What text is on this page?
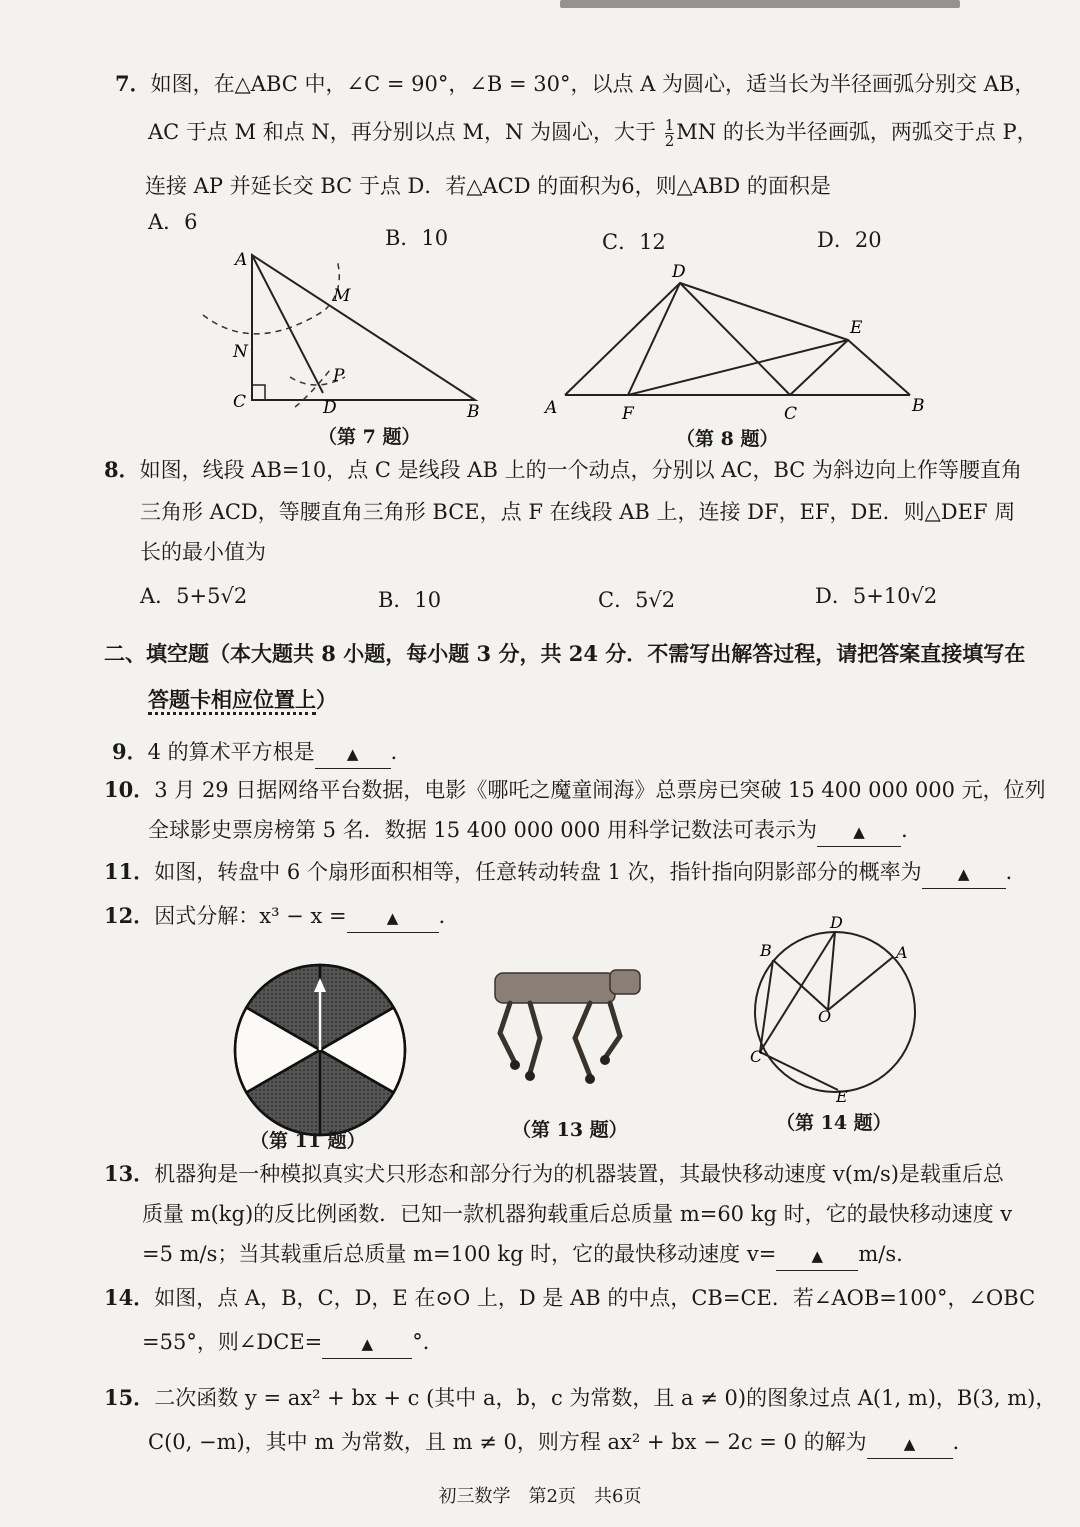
7．如图，在△ABC 中，∠C = 90°，∠B = 30°，以点 A 为圆心，适当长为半径画弧分别交 AB，
AC 于点 M 和点 N，再分别以点 M，N 为圆心，大于 $\frac{1}{2}$ MN 的长为半径画弧，两弧交于点 P，
连接 AP 并延长交 BC 于点 D．若△ACD 的面积为6，则△ABD 的面积是
A．6
B．10	C．12	D．20
A
M
N
P
C	D	B
（第 7 题）
D
E
A	F	C	B
（第 8 题）
8．如图，线段 AB=10，点 C 是线段 AB 上的一个动点，分别以 AC，BC 为斜边向上作等腰直角
三角形 ACD，等腰直角三角形 BCE，点 F 在线段 AB 上，连接 DF，EF，DE．则△DEF 周
长的最小值为
A．5+5√2	B．10	C．5√2	D．5+10√2
二、填空题（本大题共 8 小题，每小题 3 分，共 24 分．不需写出解答过程，请把答案直接填写在
答题卡相应位置上）
9．4 的算术平方根是 ▲ ．
10．3 月 29 日据网络平台数据，电影《哪吒之魔童闹海》总票房已突破 15 400 000 000 元，位列
全球影史票房榜第 5 名．数据 15 400 000 000 用科学记数法可表示为 ▲ ．
11．如图，转盘中 6 个扇形面积相等，任意转动转盘 1 次，指针指向阴影部分的概率为 ▲ ．
12．因式分解：x³ − x =	▲ ．
（第 11 题）	（第 13 题）
D
B	A
O
C
E
（第 14 题）
13．机器狗是一种模拟真实犬只形态和部分行为的机器装置，其最快移动速度 v(m/s)是载重后总
质量 m(kg)的反比例函数．已知一款机器狗载重后总质量 m=60 kg 时，它的最快移动速度 v
=5 m/s；当其载重后总质量 m=100 kg 时，它的最快移动速度 v= ▲ m/s.
14．如图，点 A，B，C，D，E 在⊙O 上，D 是 AB 的中点，CB=CE．若∠AOB=100°，∠OBC
=55°，则∠DCE=	▲ °．
15．二次函数 y = ax² + bx + c (其中 a，b，c 为常数，且 a ≠ 0)的图象过点 A(1, m)，B(3, m)，
C(0, −m)，其中 m 为常数，且 m ≠ 0，则方程 ax² + bx − 2c = 0 的解为 ▲ ．
初三数学　第2页　共6页
